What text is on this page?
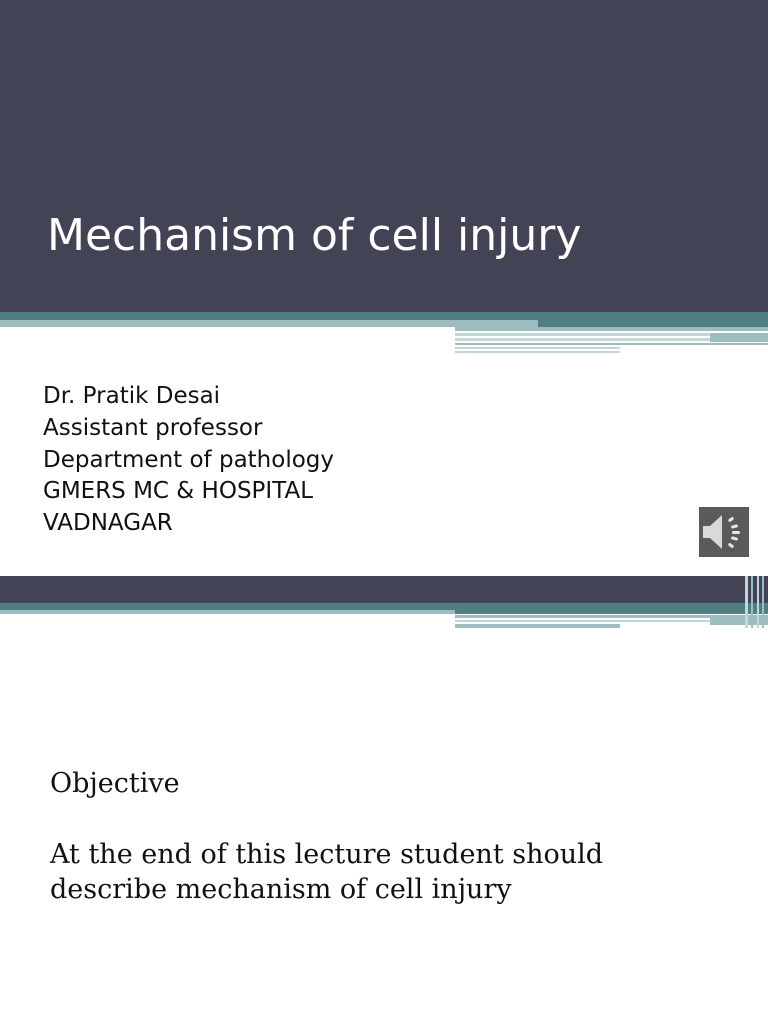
Mechanism of cell injury
Dr. Pratik Desai
Assistant professor
Department of pathology
GMERS MC & HOSPITAL
VADNAGAR
Objective
At the end of this lecture student should describe mechanism of cell injury
